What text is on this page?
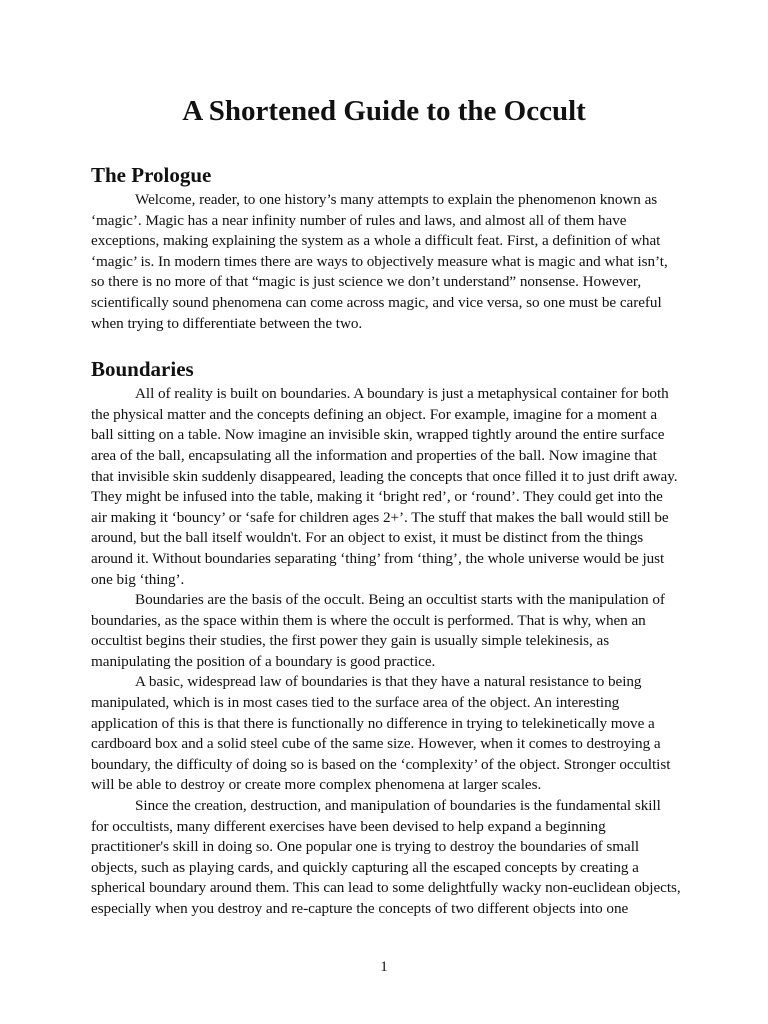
A Shortened Guide to the Occult
The Prologue

Welcome, reader, to one history’s many attempts to explain the phenomenon known as ‘magic’. Magic has a near infinity number of rules and laws, and almost all of them have exceptions, making explaining the system as a whole a difficult feat. First, a definition of what ‘magic’ is. In modern times there are ways to objectively measure what is magic and what isn’t, so there is no more of that “magic is just science we don’t understand” nonsense. However, scientifically sound phenomena can come across magic, and vice versa, so one must be careful when trying to differentiate between the two.

Boundaries

All of reality is built on boundaries. A boundary is just a metaphysical container for both the physical matter and the concepts defining an object. For example, imagine for a moment a ball sitting on a table. Now imagine an invisible skin, wrapped tightly around the entire surface area of the ball, encapsulating all the information and properties of the ball. Now imagine that that invisible skin suddenly disappeared, leading the concepts that once filled it to just drift away. They might be infused into the table, making it ‘bright red’, or ‘round’. They could get into the air making it ‘bouncy’ or ‘safe for children ages 2+’. The stuff that makes the ball would still be around, but the ball itself wouldn't. For an object to exist, it must be distinct from the things around it. Without boundaries separating ‘thing’ from ‘thing’, the whole universe would be just one big ‘thing’.

Boundaries are the basis of the occult. Being an occultist starts with the manipulation of boundaries, as the space within them is where the occult is performed. That is why, when an occultist begins their studies, the first power they gain is usually simple telekinesis, as manipulating the position of a boundary is good practice.

A basic, widespread law of boundaries is that they have a natural resistance to being manipulated, which is in most cases tied to the surface area of the object. An interesting application of this is that there is functionally no difference in trying to telekinetically move a cardboard box and a solid steel cube of the same size. However, when it comes to destroying a boundary, the difficulty of doing so is based on the ‘complexity’ of the object. Stronger occultist will be able to destroy or create more complex phenomena at larger scales.

Since the creation, destruction, and manipulation of boundaries is the fundamental skill for occultists, many different exercises have been devised to help expand a beginning practitioner's skill in doing so. One popular one is trying to destroy the boundaries of small objects, such as playing cards, and quickly capturing all the escaped concepts by creating a spherical boundary around them. This can lead to some delightfully wacky non-euclidean objects, especially when you destroy and re-capture the concepts of two different objects into one

1
